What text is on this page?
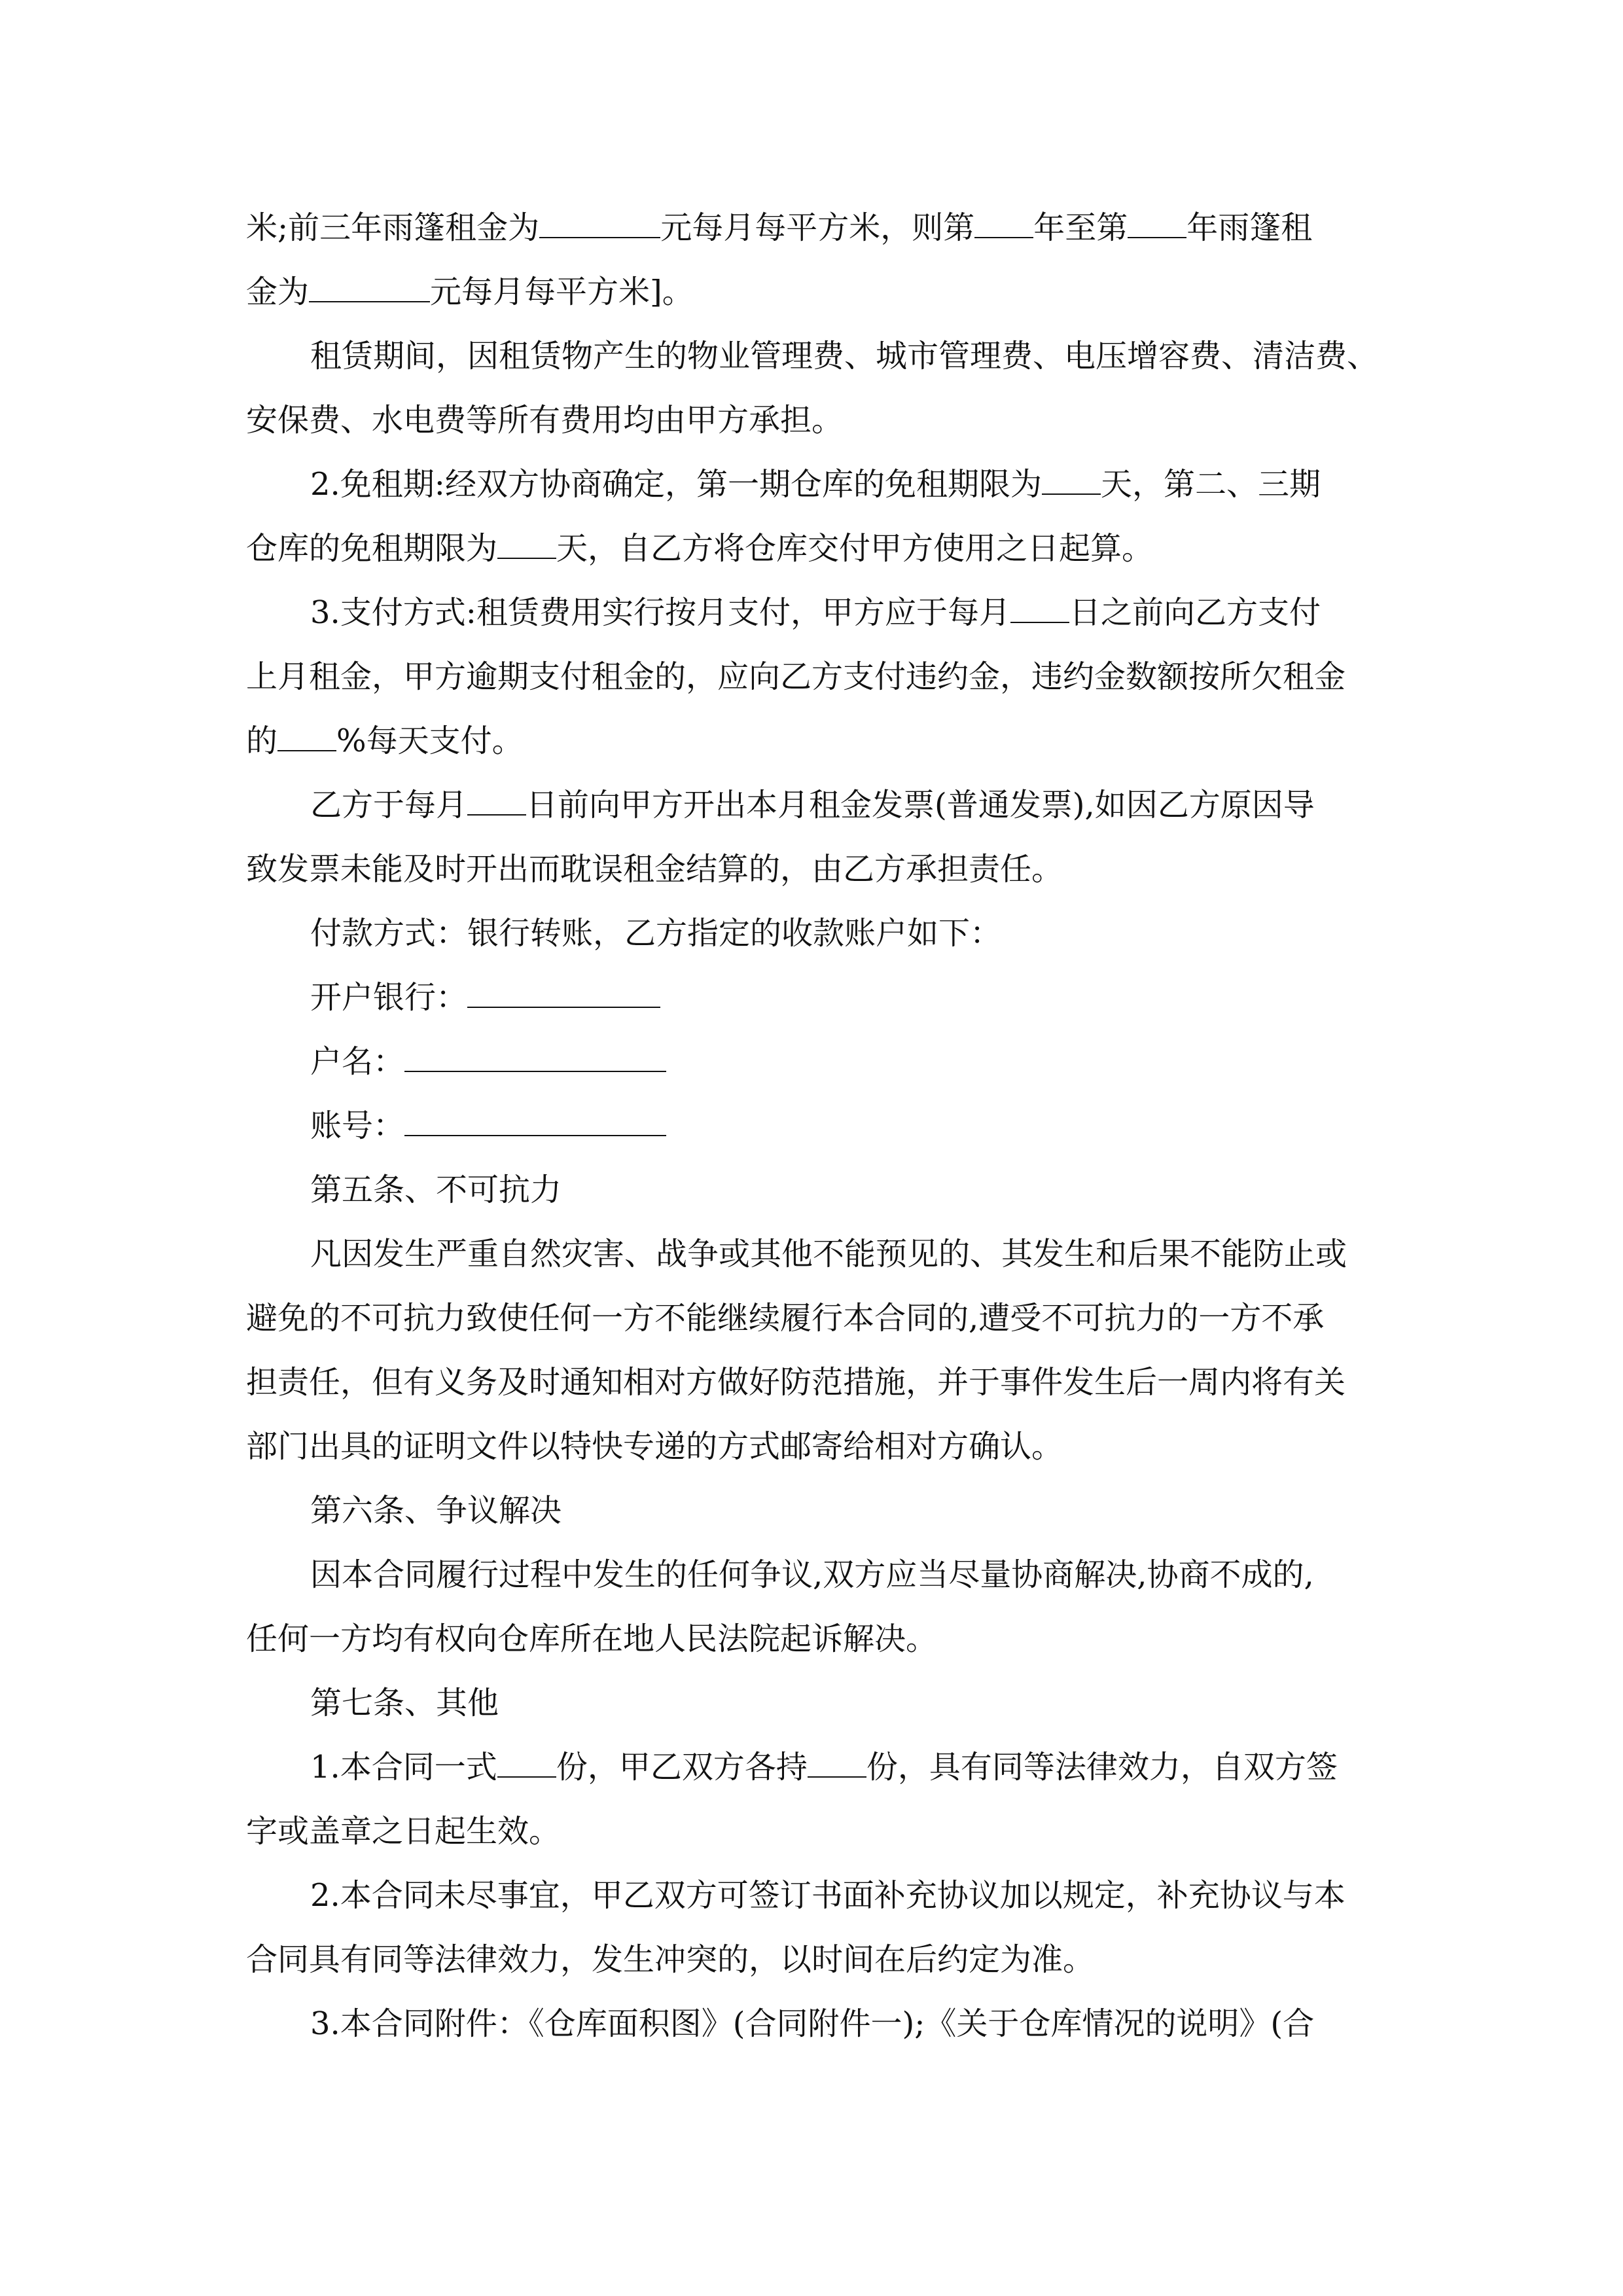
米;前三年雨篷租金为	元每月每平方米，则第 年至第 年雨篷租
金为	元每月每平方米]。
租赁期间，因租赁物产生的物业管理费、城市管理费、电压增容费、清洁费、
安保费、水电费等所有费用均由甲方承担。
2.免租期:经双方协商确定，第一期仓库的免租期限为 天，第二、三期
仓库的免租期限为 天，自乙方将仓库交付甲方使用之日起算。
3.支付方式:租赁费用实行按月支付，甲方应于每月 日之前向乙方支付
上月租金，甲方逾期支付租金的，应向乙方支付违约金，违约金数额按所欠租金
的 %每天支付。
乙方于每月 日前向甲方开出本月租金发票(普通发票),如因乙方原因导
致发票未能及时开出而耽误租金结算的，由乙方承担责任。
付款方式：银行转账，乙方指定的收款账户如下：
开户银行：
户名：
账号：
第五条、不可抗力
凡因发生严重自然灾害、战争或其他不能预见的、其发生和后果不能防止或
避免的不可抗力致使任何一方不能继续履行本合同的,遭受不可抗力的一方不承
担责任，但有义务及时通知相对方做好防范措施，并于事件发生后一周内将有关
部门出具的证明文件以特快专递的方式邮寄给相对方确认。
第六条、争议解决
因本合同履行过程中发生的任何争议,双方应当尽量协商解决,协商不成的,
任何一方均有权向仓库所在地人民法院起诉解决。
第七条、其他
1.本合同一式 份，甲乙双方各持 份，具有同等法律效力，自双方签
字或盖章之日起生效。
2.本合同未尽事宜，甲乙双方可签订书面补充协议加以规定，补充协议与本
合同具有同等法律效力，发生冲突的，以时间在后约定为准。
3.本合同附件：《仓库面积图》(合同附件一);《关于仓库情况的说明》(合
